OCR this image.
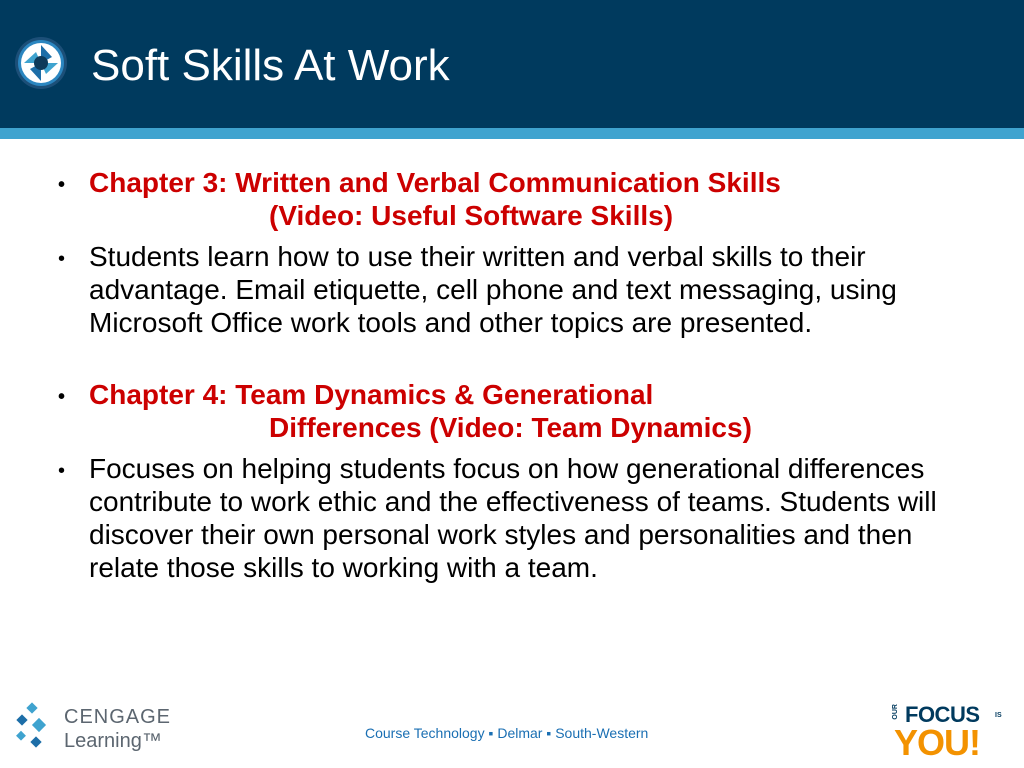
Soft Skills At Work
• Chapter 3: Written and Verbal Communication Skills
(Video: Useful Software Skills)
• Students learn how to use their written and verbal skills to their advantage. Email etiquette, cell phone and text messaging, using Microsoft Office work tools and other topics are presented.
• Chapter 4: Team Dynamics & Generational
Differences (Video: Team Dynamics)
• Focuses on helping students focus on how generational differences contribute to work ethic and the effectiveness of teams. Students will discover their own personal work styles and personalities and then relate those skills to working with a team.
CENGAGE
Learning™	Course Technology ▪ Delmar ▪ South-Western
OUR FOCUS IS
YOU!
